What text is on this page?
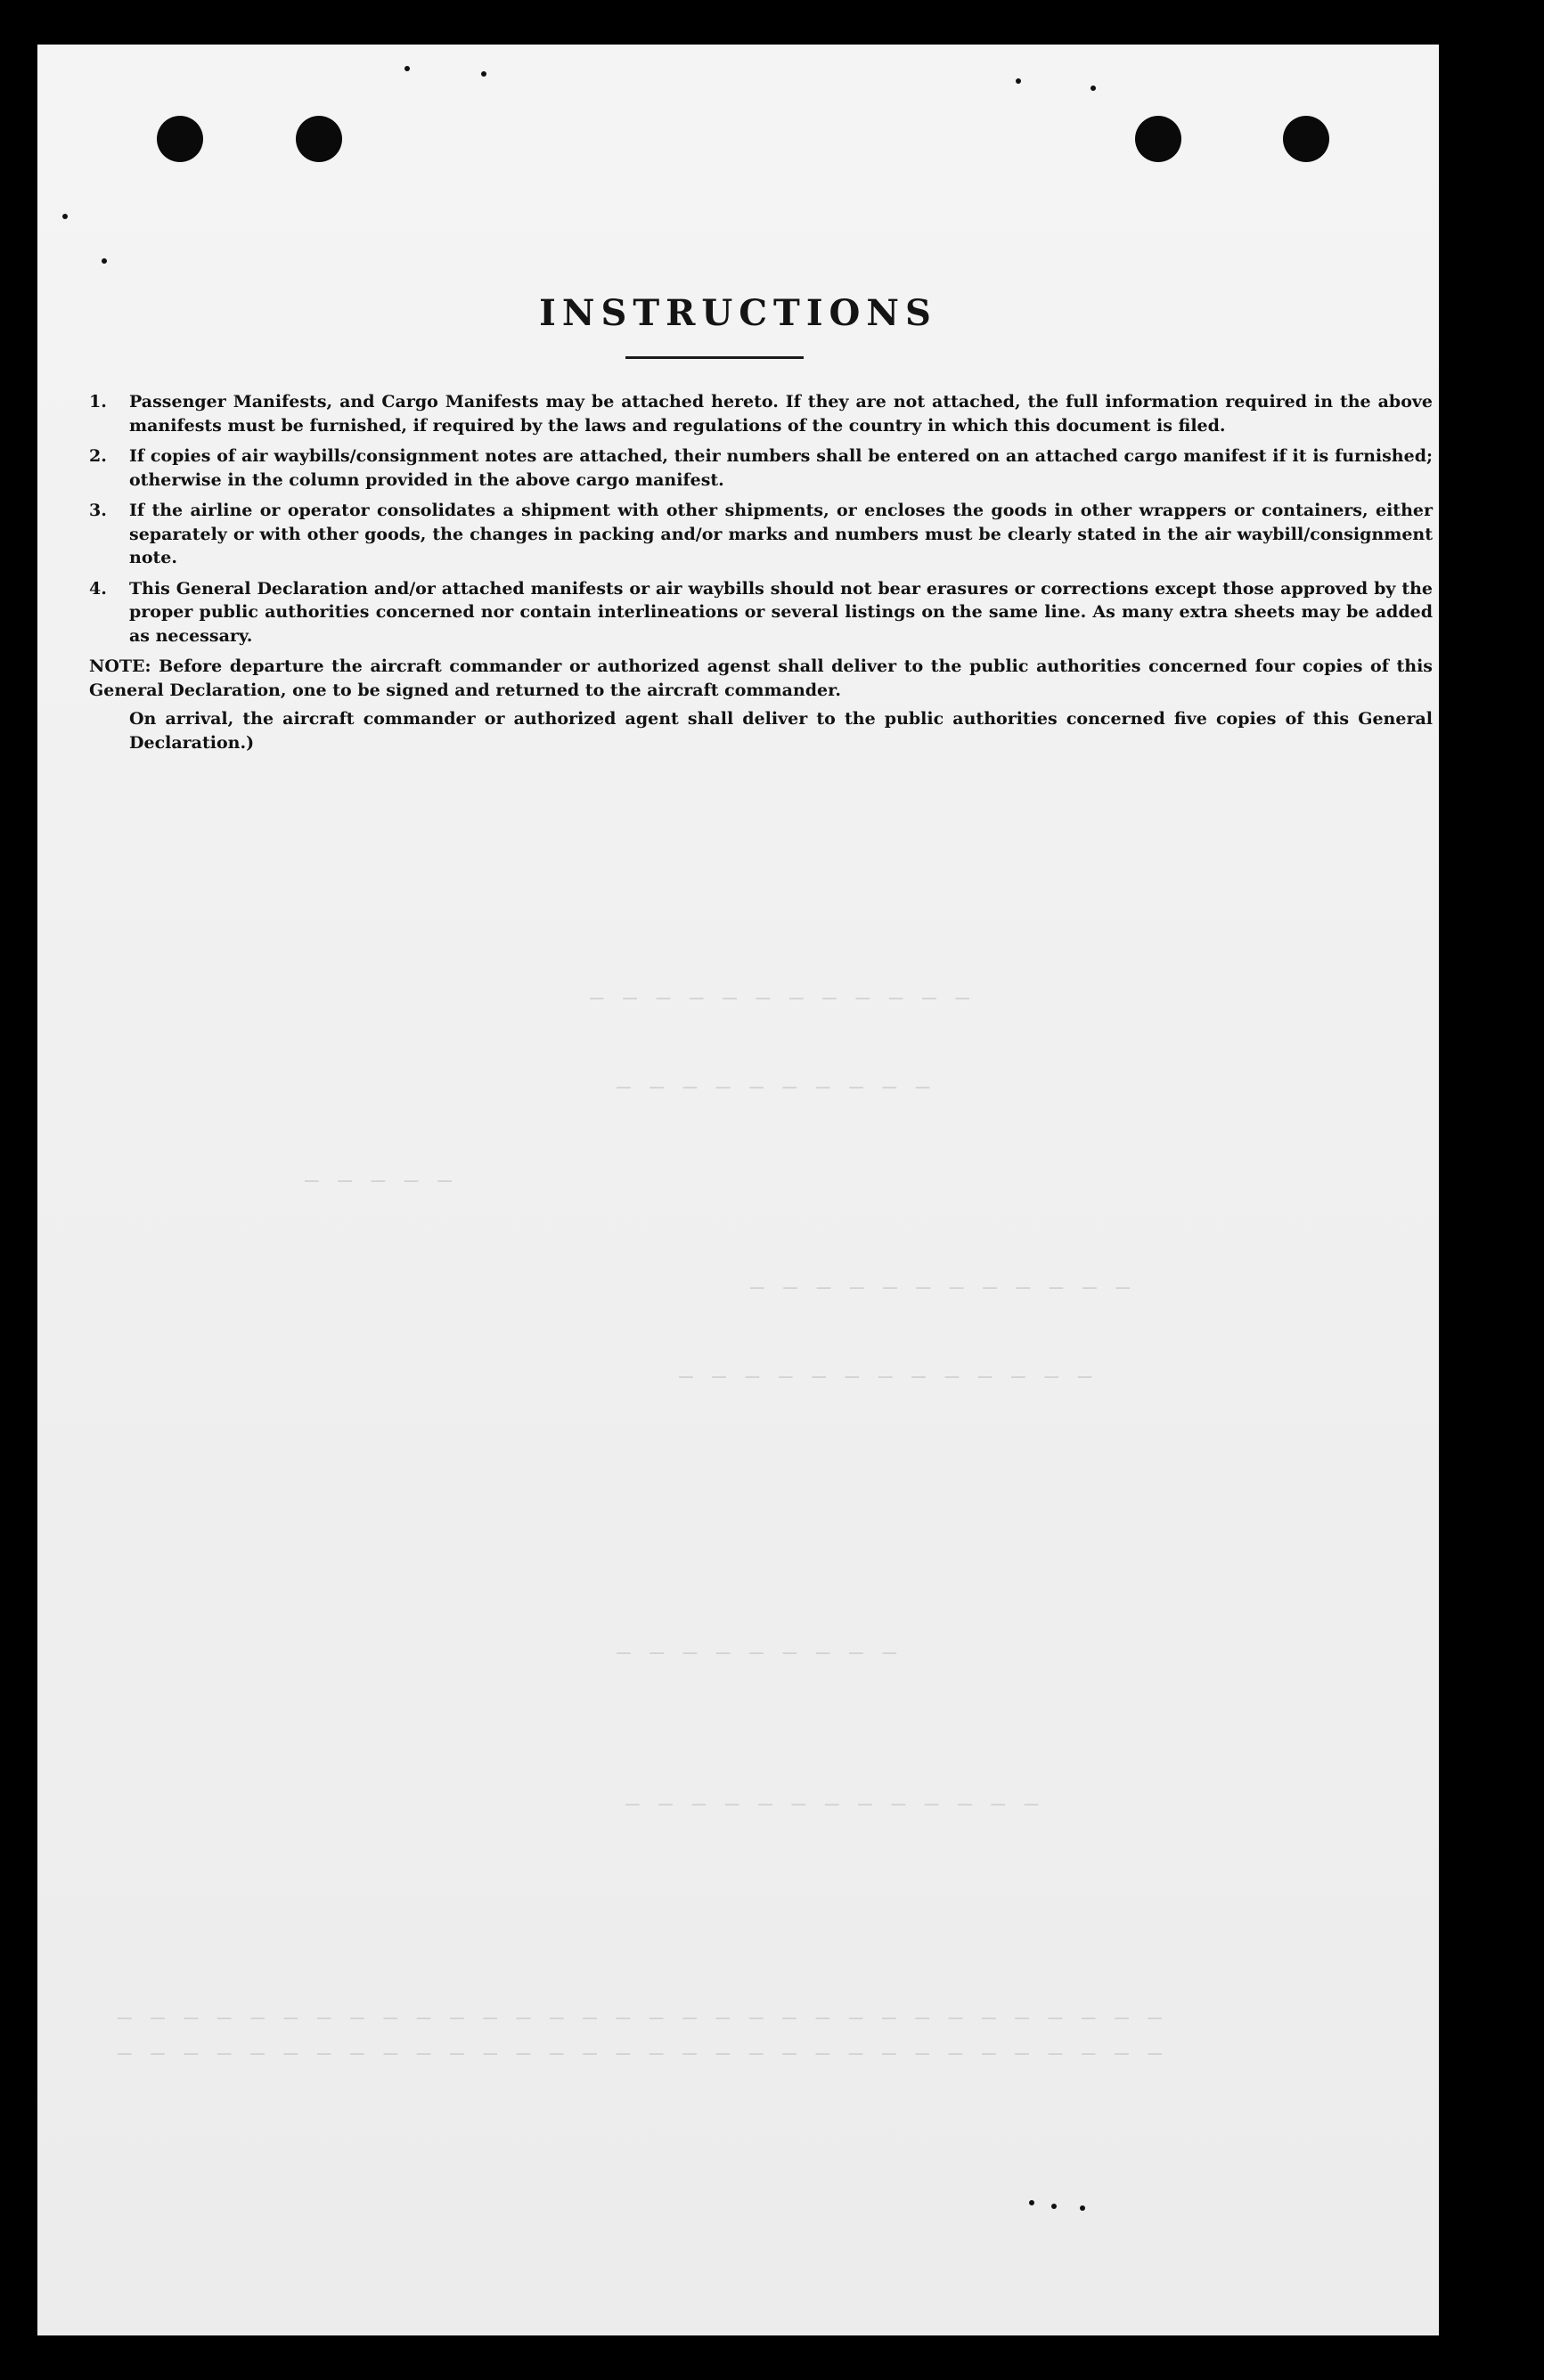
— — — — — — — — — — — —
— — — — — — — — — —
— — — — —
— — — — — — — — — — — —
— — — — — — — — — — — — —
— — — — — — — — —
— — — — — — — — — — — — —
— — — — — — — — — — — — — — — — — — — — — — — — — — — — — — — —
— — — — — — — — — — — — — — — — — — — — — — — — — — — — — — — —
INSTRUCTIONS
1. Passenger Manifests, and Cargo Manifests may be attached hereto. If they are not attached, the full information required in the above manifests must be furnished, if required by the laws and regulations of the country in which this document is filed.
2. If copies of air waybills/consignment notes are attached, their numbers shall be entered on an attached cargo manifest if it is furnished; otherwise in the column provided in the above cargo manifest.
3. If the airline or operator consolidates a shipment with other shipments, or encloses the goods in other wrappers or containers, either separately or with other goods, the changes in packing and/or marks and numbers must be clearly stated in the air waybill/consignment note.
4. This General Declaration and/or attached manifests or air waybills should not bear erasures or corrections except those approved by the proper public authorities concerned nor contain interlineations or several listings on the same line. As many extra sheets may be added as necessary.
NOTE: Before departure the aircraft commander or authorized agenst shall deliver to the public authorities concerned four copies of this General Declaration, one to be signed and returned to the aircraft commander.
On arrival, the aircraft commander or authorized agent shall deliver to the public authorities concerned five copies of this General Declaration.)
